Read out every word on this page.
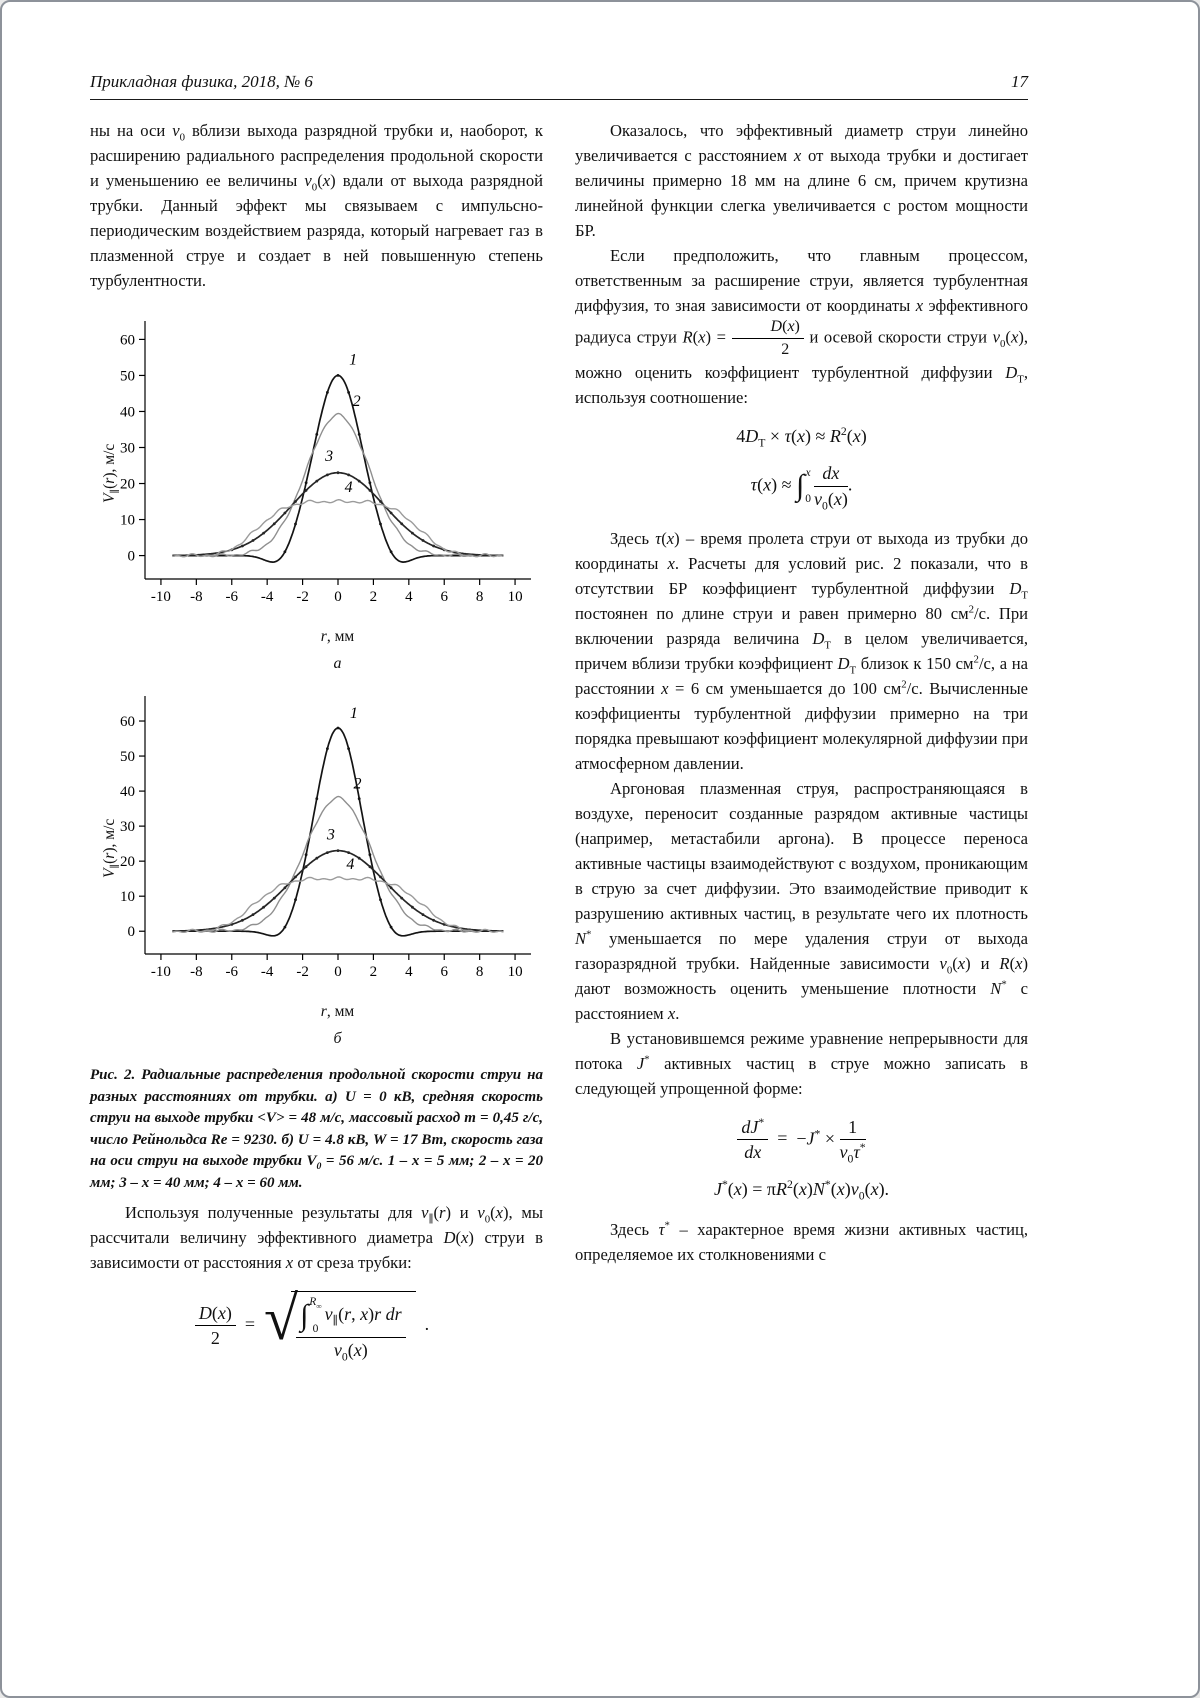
Прикладная физика, 2018, № 6	17

ны на оси $v_0$ вблизи выхода разрядной трубки и, наоборот, к расширению радиального распределения продольной скорости и уменьшению ее величины $v_0(x)$ вдали от выхода разрядной трубки. Данный эффект мы связываем с импульсно-периодическим воздействием разряда, который нагревает газ в плазменной струе и создает в ней повышенную степень турбулентности.

$V_\parallel(r)$, м/с
0
10
20
30
40
50
60
-10 -8 -6 -4 -2 0 2 4 6 8 10
1
2
3
4
r, мм
а
$V_\parallel(r)$, м/с
0
10
20
30
40
50
60
-10 -8 -6 -4 -2 0 2 4 6 8 10
1
2
3
4
r, мм
б
Рис. 2. Радиальные распределения продольной скорости струи на разных расстояниях от трубки. а) U = 0 кВ, средняя скорость струи на выходе трубки <V> = 48 м/с, массовый расход m = 0,45 г/с, число Рейнольдса Re = 9230. б) U = 4.8 кВ, W = 17 Вт, скорость газа на оси струи на выходе трубки $V_0 = 56$ м/с. 1 – x = 5 мм; 2 – x = 20 мм; 3 – x = 40 мм; 4 – x = 60 мм.

Используя полученные результаты для $v_\parallel(r)$ и $v_0(x)$, мы рассчитали величину эффективного диаметра D(x) струи в зависимости от расстояния x от среза трубки:

$\frac{D(x)}{2}$ = √
∫ $R_\infty$
0
$v_\parallel(r$, x)r dr
$v_0(x)$ .

Оказалось, что эффективный диаметр струи линейно увеличивается с расстоянием x от выхода трубки и достигает величины примерно 18 мм на длине 6 см, причем крутизна линейной функции слегка увеличивается с ростом мощности БР.

Если предположить, что главным процессом, ответственным за расширение струи, является турбулентная диффузия, то зная зависимости от координаты x эффективного радиуса струи $R(x) = \frac{D(x)}{2}$ и осевой скорости струи $v_0(x)$, можно оценить коэффициент турбулентной диффузии $D_T$, используя соотношение:

$4D_T \times \tau(x) \approx R^2(x)$
τ(x) ≈ ∫ x
$0 \frac{dx}{v_0(x)}$ .

Здесь τ(x) – время пролета струи от выхода из трубки до координаты x. Расчеты для условий рис. 2 показали, что в отсутствии БР коэффициент турбулентной диффузии $D_T$ постоянен по длине струи и равен примерно 80 $см^2/с$. При включении разряда величина $D_T$ в целом увеличивается, причем вблизи трубки коэффициент $D_T$ близок к 150 $см^2/с$, а на расстоянии x = 6 см уменьшается до 100 $см^2/с$. Вычисленные коэффициенты турбулентной диффузии примерно на три порядка превышают коэффициент молекулярной диффузии при атмосферном давлении.

Аргоновая плазменная струя, распространяющаяся в воздухе, переносит созданные разрядом активные частицы (например, метастабили аргона). В процессе переноса активные частицы взаимодействуют с воздухом, проникающим в струю за счет диффузии. Это взаимодействие приводит к разрушению активных частиц, в результате чего их плотность N* уменьшается по мере удаления струи от выхода газоразрядной трубки. Найденные зависимости $v_0(x)$ и R(x) дают возможность оценить уменьшение плотности N* с расстоянием x.

В установившемся режиме уравнение непрерывности для потока J* активных частиц в струе можно записать в следующей упрощенной форме:

$\frac{dJ^*}{dx} = -J^* \times \frac{1}{v_0\tau^*}$
$J^*(x) = \pi R^2(x)N^*(x)v_0(x)$.

Здесь τ* – характерное время жизни активных частиц, определяемое их столкновениями с
